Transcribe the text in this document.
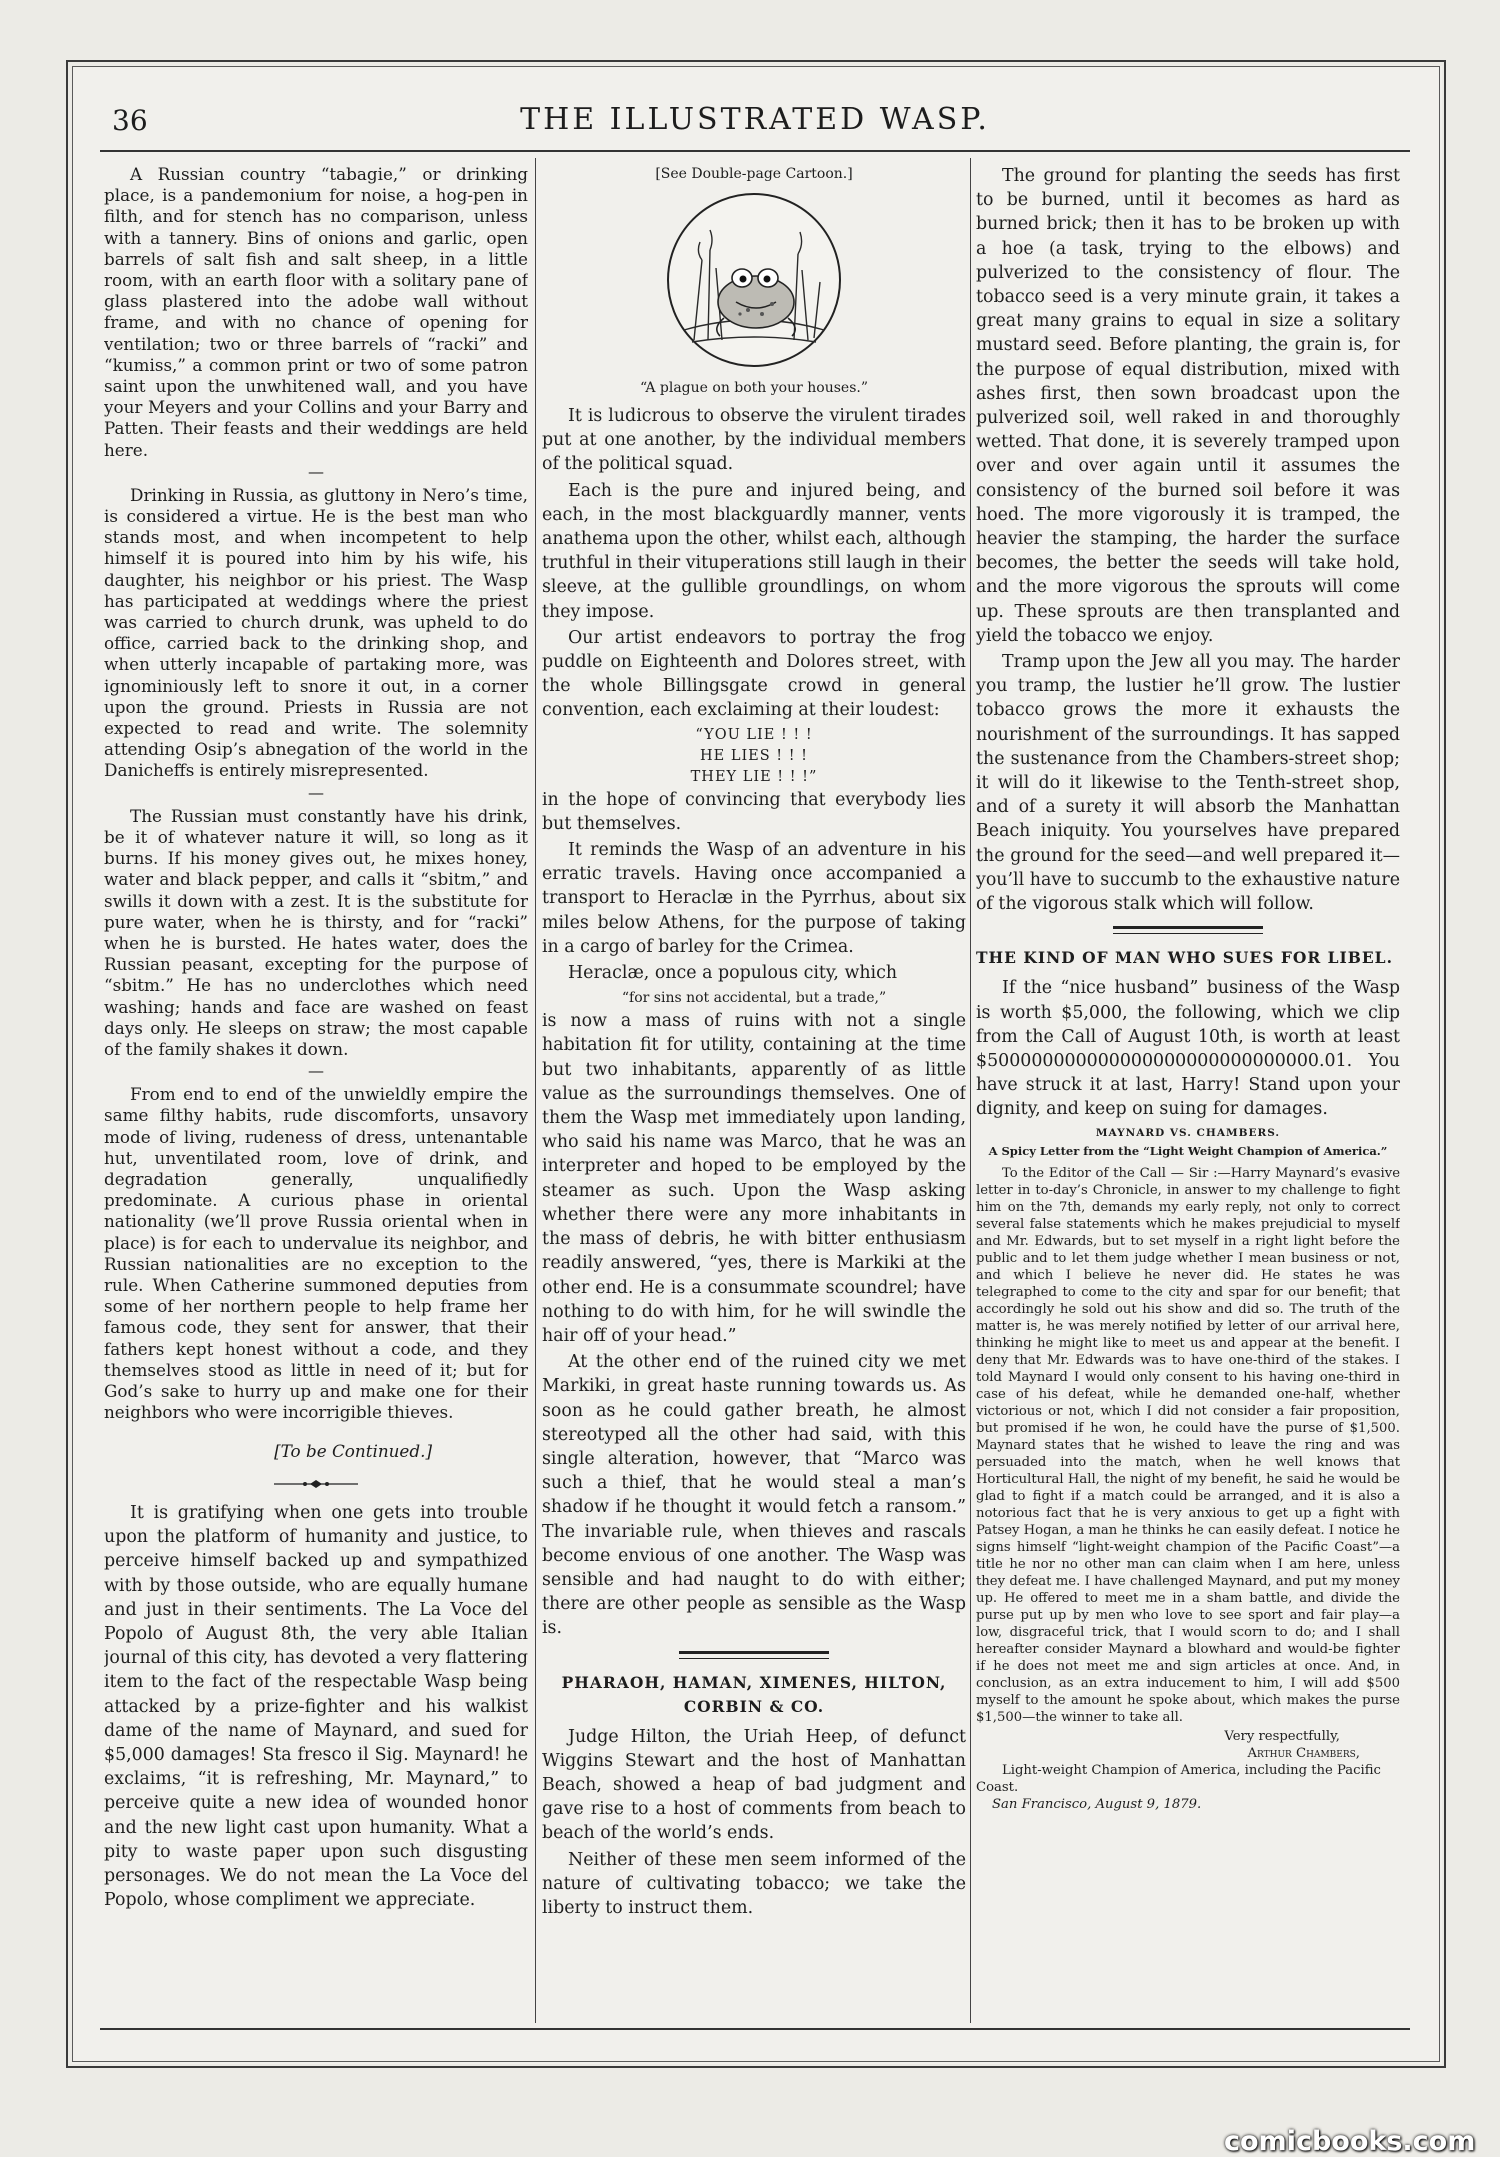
36	THE ILLUSTRATED WASP.

A Russian country “tabagie,” or drinking place, is a pandemonium for noise, a hog-pen in filth, and for stench has no comparison, unless with a tannery. Bins of onions and garlic, open barrels of salt fish and salt sheep, in a little room, with an earth floor with a solitary pane of glass plastered into the adobe wall without frame, and with no chance of opening for ventilation; two or three barrels of “racki” and “kumiss,” a common print or two of some patron saint upon the unwhitened wall, and you have your Meyers and your Collins and your Barry and Patten. Their feasts and their weddings are held here.

—

Drinking in Russia, as gluttony in Nero’s time, is considered a virtue. He is the best man who stands most, and when incompetent to help himself it is poured into him by his wife, his daughter, his neighbor or his priest. The Wasp has participated at weddings where the priest was carried to church drunk, was upheld to do office, carried back to the drinking shop, and when utterly incapable of partaking more, was ignominiously left to snore it out, in a corner upon the ground. Priests in Russia are not expected to read and write. The solemnity attending Osip’s abnegation of the world in the Danicheffs is entirely misrepresented.

—

The Russian must constantly have his drink, be it of whatever nature it will, so long as it burns. If his money gives out, he mixes honey, water and black pepper, and calls it “sbitm,” and swills it down with a zest. It is the substitute for pure water, when he is thirsty, and for “racki” when he is bursted. He hates water, does the Russian peasant, excepting for the purpose of “sbitm.” He has no underclothes which need washing; hands and face are washed on feast days only. He sleeps on straw; the most capable of the family shakes it down.

—

From end to end of the unwieldly empire the same filthy habits, rude discomforts, unsavory mode of living, rudeness of dress, untenantable hut, unventilated room, love of drink, and degradation generally, unqualifiedly predominate. A curious phase in oriental nationality (we’ll prove Russia oriental when in place) is for each to undervalue its neighbor, and Russian nationalities are no exception to the rule. When Catherine summoned deputies from some of her northern people to help frame her famous code, they sent for answer, that their fathers kept honest without a code, and they themselves stood as little in need of it; but for God’s sake to hurry up and make one for their neighbors who were incorrigible thieves.

[To be Continued.]

It is gratifying when one gets into trouble upon the platform of humanity and justice, to perceive himself backed up and sympathized with by those outside, who are equally humane and just in their sentiments. The La Voce del Popolo of August 8th, the very able Italian journal of this city, has devoted a very flattering item to the fact of the respectable Wasp being attacked by a prize-fighter and his walkist dame of the name of Maynard, and sued for $5,000 damages! Sta fresco il Sig. Maynard! he exclaims, “it is refreshing, Mr. Maynard,” to perceive quite a new idea of wounded honor and the new light cast upon humanity. What a pity to waste paper upon such disgusting personages. We do not mean the La Voce del Popolo, whose compliment we appreciate.

[See Double-page Cartoon.]

“A plague on both your houses.”

It is ludicrous to observe the virulent tirades put at one another, by the individual members of the political squad.

Each is the pure and injured being, and each, in the most blackguardly manner, vents anathema upon the other, whilst each, although truthful in their vituperations still laugh in their sleeve, at the gullible groundlings, on whom they impose.

Our artist endeavors to portray the frog puddle on Eighteenth and Dolores street, with the whole Billingsgate crowd in general convention, each exclaiming at their loudest:

“YOU LIE ! ! !

HE LIES ! ! !

THEY LIE ! ! !”

in the hope of convincing that everybody lies but themselves.

It reminds the Wasp of an adventure in his erratic travels. Having once accompanied a transport to Heraclæ in the Pyrrhus, about six miles below Athens, for the purpose of taking in a cargo of barley for the Crimea.

Heraclæ, once a populous city, which

“for sins not accidental, but a trade,”

is now a mass of ruins with not a single habitation fit for utility, containing at the time but two inhabitants, apparently of as little value as the surroundings themselves. One of them the Wasp met immediately upon landing, who said his name was Marco, that he was an interpreter and hoped to be employed by the steamer as such. Upon the Wasp asking whether there were any more inhabitants in the mass of debris, he with bitter enthusiasm readily answered, “yes, there is Markiki at the other end. He is a consummate scoundrel; have nothing to do with him, for he will swindle the hair off of your head.”

At the other end of the ruined city we met Markiki, in great haste running towards us. As soon as he could gather breath, he almost stereotyped all the other had said, with this single alteration, however, that “Marco was such a thief, that he would steal a man’s shadow if he thought it would fetch a ransom.” The invariable rule, when thieves and rascals become envious of one another. The Wasp was sensible and had naught to do with either; there are other people as sensible as the Wasp is.

PHARAOH, HAMAN, XIMENES, HILTON, CORBIN & CO.

Judge Hilton, the Uriah Heep, of defunct Wiggins Stewart and the host of Manhattan Beach, showed a heap of bad judgment and gave rise to a host of comments from beach to beach of the world’s ends.

Neither of these men seem informed of the nature of cultivating tobacco; we take the liberty to instruct them.

The ground for planting the seeds has first to be burned, until it becomes as hard as burned brick; then it has to be broken up with a hoe (a task, trying to the elbows) and pulverized to the consistency of flour. The tobacco seed is a very minute grain, it takes a great many grains to equal in size a solitary mustard seed. Before planting, the grain is, for the purpose of equal distribution, mixed with ashes first, then sown broadcast upon the pulverized soil, well raked in and thoroughly wetted. That done, it is severely tramped upon over and over again until it assumes the consistency of the burned soil before it was hoed. The more vigorously it is tramped, the heavier the stamping, the harder the surface becomes, the better the seeds will take hold, and the more vigorous the sprouts will come up. These sprouts are then transplanted and yield the tobacco we enjoy.

Tramp upon the Jew all you may. The harder you tramp, the lustier he’ll grow. The lustier tobacco grows the more it exhausts the nourishment of the surroundings. It has sapped the sustenance from the Chambers-street shop; it will do it likewise to the Tenth-street shop, and of a surety it will absorb the Manhattan Beach iniquity. You yourselves have prepared the ground for the seed—and well prepared it—you’ll have to succumb to the exhaustive nature of the vigorous stalk which will follow.

THE KIND OF MAN WHO SUES FOR LIBEL.

If the “nice husband” business of the Wasp is worth $5,000, the following, which we clip from the Call of August 10th, is worth at least $500000000000000000000000000000.01. You have struck it at last, Harry! Stand upon your dignity, and keep on suing for damages.

MAYNARD VS. CHAMBERS.

A Spicy Letter from the “Light Weight Champion of America.”

To the Editor of the Call — Sir :—Harry Maynard’s evasive letter in to-day’s Chronicle, in answer to my challenge to fight him on the 7th, demands my early reply, not only to correct several false statements which he makes prejudicial to myself and Mr. Edwards, but to set myself in a right light before the public and to let them judge whether I mean business or not, and which I believe he never did. He states he was telegraphed to come to the city and spar for our benefit; that accordingly he sold out his show and did so. The truth of the matter is, he was merely notified by letter of our arrival here, thinking he might like to meet us and appear at the benefit. I deny that Mr. Edwards was to have one-third of the stakes. I told Maynard I would only consent to his having one-third in case of his defeat, while he demanded one-half, whether victorious or not, which I did not consider a fair proposition, but promised if he won, he could have the purse of $1,500. Maynard states that he wished to leave the ring and was persuaded into the match, when he well knows that Horticultural Hall, the night of my benefit, he said he would be glad to fight if a match could be arranged, and it is also a notorious fact that he is very anxious to get up a fight with Patsey Hogan, a man he thinks he can easily defeat. I notice he signs himself “light-weight champion of the Pacific Coast”—a title he nor no other man can claim when I am here, unless they defeat me. I have challenged Maynard, and put my money up. He offered to meet me in a sham battle, and divide the purse put up by men who love to see sport and fair play—a low, disgraceful trick, that I would scorn to do; and I shall hereafter consider Maynard a blowhard and would-be fighter if he does not meet me and sign articles at once. And, in conclusion, as an extra inducement to him, I will add $500 myself to the amount he spoke about, which makes the purse $1,500—the winner to take all.

Very respectfully,

Arthur Chambers,

Light-weight Champion of America, including the Pacific Coast.

San Francisco, August 9, 1879.

comicbooks.com
